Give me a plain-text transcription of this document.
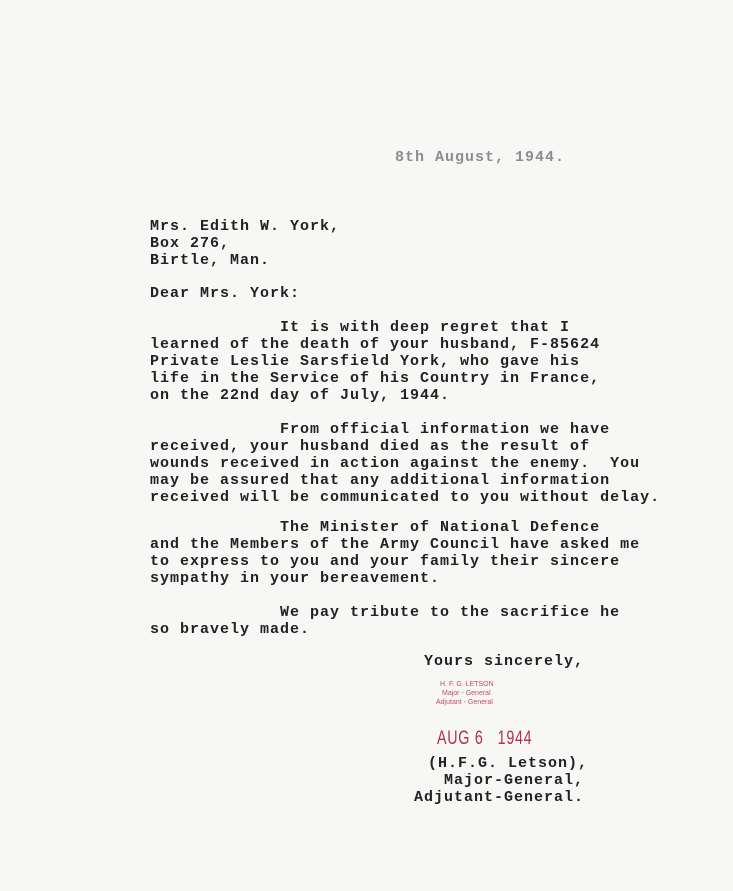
8th August, 1944.
Mrs. Edith W. York,
Box 276,
Birtle, Man.
Dear Mrs. York:
It is with deep regret that I
learned of the death of your husband, F-85624
Private Leslie Sarsfield York, who gave his
life in the Service of his Country in France,
on the 22nd day of July, 1944.
From official information we have
received, your husband died as the result of
wounds received in action against the enemy.  You
may be assured that any additional information
received will be communicated to you without delay.
The Minister of National Defence
and the Members of the Army Council have asked me
to express to you and your family their sincere
sympathy in your bereavement.
We pay tribute to the sacrifice he
so bravely made.
Yours sincerely,
H. F. G. LETSON
Major - General
Adjutant - General
AUG 6   1944
(H.F.G. Letson),
Major-General,
Adjutant-General.
